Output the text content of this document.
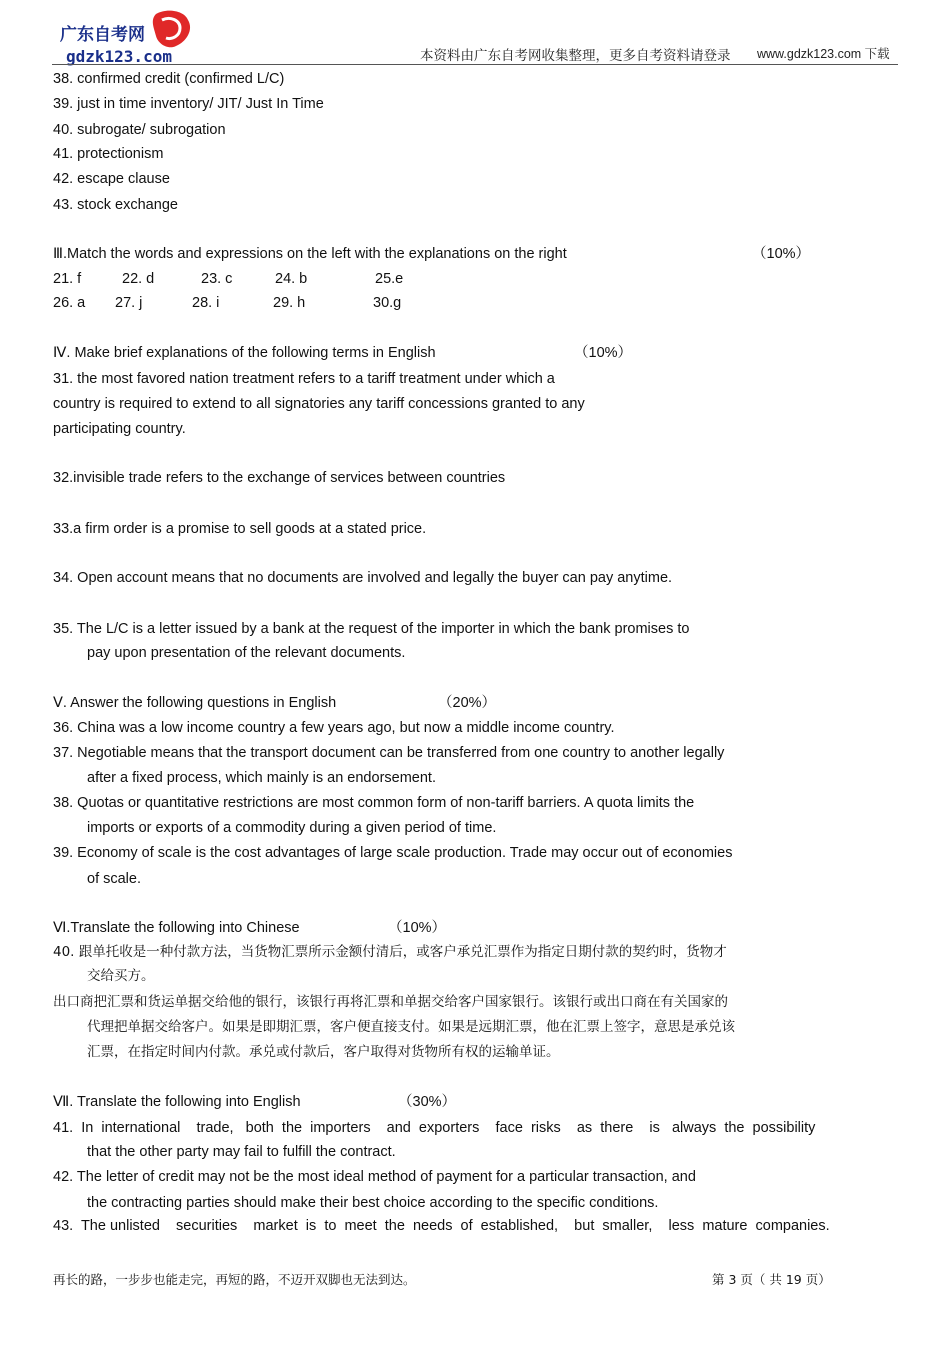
广东自考网
gdzk123.com	本资料由广东自考网收集整理，更多自考资料请登录 www.gdzk123.com 下载
38. confirmed credit (confirmed L/C)
39. just in time inventory/ JIT/ Just In Time
40. subrogate/ subrogation
41. protectionism
42. escape clause
43. stock exchange
Ⅲ.Match the words and expressions on the left with the explanations on the right	（10%）
21. f	22. d	23. c	24. b	25.e
26. a 27. j	28. i	29. h	30.g
Ⅳ. Make brief explanations of the following terms in English	（10%）
31. the most favored nation treatment refers to a tariff treatment under which a
country is required to extend to all signatories any tariff concessions granted to any
participating country.
32.invisible trade refers to the exchange of services between countries
33.a firm order is a promise to sell goods at a stated price.
34. Open account means that no documents are involved and legally the buyer can pay anytime.
35. The L/C is a letter issued by a bank at the request of the importer in which the bank promises to
pay upon presentation of the relevant documents.
Ⅴ. Answer the following questions in English	（20%）
36. China was a low income country a few years ago, but now a middle income country.
37. Negotiable means that the transport document can be transferred from one country to another legally
after a fixed process, which mainly is an endorsement.
38. Quotas or quantitative restrictions are most common form of non-tariff barriers. A quota limits the
imports or exports of a commodity during a given period of time.
39. Economy of scale is the cost advantages of large scale production. Trade may occur out of economies
of scale.
Ⅵ.Translate the following into Chinese	（10%）
40. 跟单托收是一种付款方法，当货物汇票所示金额付清后，或客户承兑汇票作为指定日期付款的契约时，货物才
交给买方。
出口商把汇票和货运单据交给他的银行，该银行再将汇票和单据交给客户国家银行。该银行或出口商在有关国家的
代理把单据交给客户。如果是即期汇票，客户便直接支付。如果是远期汇票，他在汇票上签字，意思是承兑该
汇票，在指定时间内付款。承兑或付款后，客户取得对货物所有权的运输单证。
Ⅶ. Translate the following into English	（30%）
41.  In  international    trade,   both  the  importers    and  exporters    face  risks    as  there    is   always  the  possibility
that the other party may fail to fulfill the contract.
42. The letter of credit may not be the most ideal method of payment for a particular transaction, and
the contracting parties should make their best choice according to the specific conditions.
43.  The unlisted    securities    market  is  to  meet  the  needs  of  established,    but  smaller,    less  mature  companies.
再长的路，一步步也能走完，再短的路，不迈开双脚也无法到达。	第 3 页（ 共 19 页）
